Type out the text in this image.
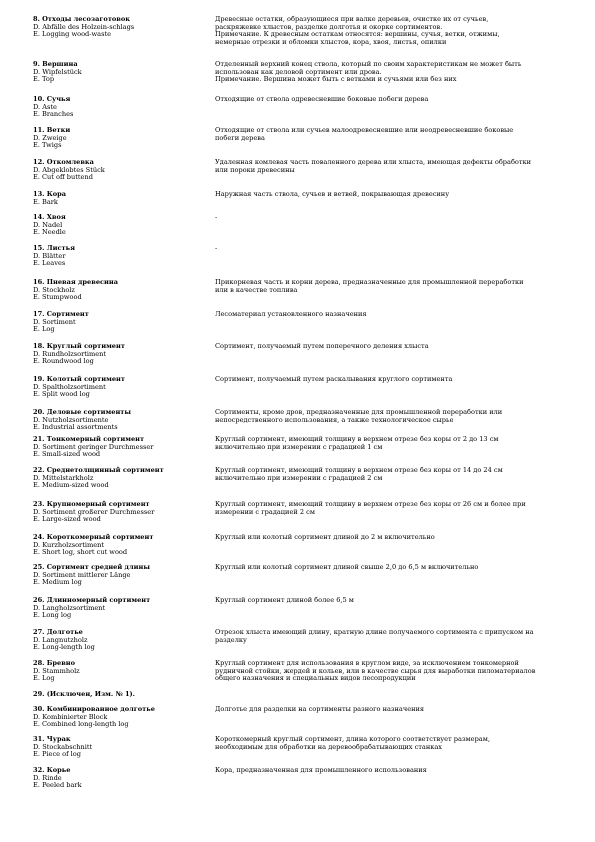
8. Отходы лесозаготовок
D. Abfälle des Holzein-schlags
E. Logging wood-waste
Древесные остатки, образующиеся при валке деревьев, очистке их от сучьев,
раскряжевке хлыстов, разделке долготья и окорке сортиментов.
Примечание. К древесным остаткам относятся: вершины, сучья, ветки, отжимы,
немерные отрезки и обломки хлыстов, кора, хвоя, листья, опилки
9. Вершина
D. Wipfelstück
E. Top
Отделенный верхний конец ствола, который по своим характеристикам не может быть
использован как деловой сортимент или дрова.
Примечание. Вершина может быть с ветками и сучьями или без них
10. Сучья
D. Aste
E. Branches
Отходящие от ствола одревесневшие боковые побеги дерева
11. Ветки
D. Zweige
E. Twigs
Отходящие от ствола или сучьев малоодревесневшие или неодревесневшие боковые
побеги дерева
12. Откомлевка
D. Abgeklobtes Stück
E. Cut off buttend
Удаленная комлевая часть поваленного дерева или хлыста, имеющая дефекты обработки
или пороки древесины
13. Кора
E. Bark
Наружная часть ствола, сучьев и ветвей, покрывающая древесину
14. Хвоя
D. Nadel
E. Needle
-
15. Листья
D. Blätter
E. Leaves
-
16. Пневая древесина
D. Stockholz
E. Stumpwood
Прикорневая часть и корни дерева, предназначенные для промышленной переработки
или в качестве топлива
17. Сортимент
D. Sortiment
E. Log
Лесоматериал установленного назначения
18. Круглый сортимент
D. Rundholzsortiment
E. Roundwood log
Сортимент, получаемый путем поперечного деления хлыста
19. Колотый сортимент
D. Spaltholzsortiment
E. Split wood log
Сортимент, получаемый путем раскалывания круглого сортимента
20. Деловые сортименты
D. Nutzholzsortimente
E. Industrial assortments
Сортименты, кроме дров, предназначенные для промышленной переработки или
непосредственного использования, а также технологическое сырье
21. Тонкомерный сортимент
D. Sortiment geringer Durchmesser
E. Small-sized wood
Круглый сортимент, имеющий толщину в верхнем отрезе без коры от 2 до 13 см
включительно при измерении с градацией 1 см
22. Среднетолщинный сортимент
D. Mittelstarkholz
E. Medium-sized wood
Круглый сортимент, имеющий толщину в верхнем отрезе без коры от 14 до 24 см
включительно при измерении с градацией 2 см
23. Крупномерный сортимент
D. Sortiment großerer Durchmesser
E. Large-sized wood
Круглый сортимент, имеющий толщину в верхнем отрезе без коры от 26 см и более при
измерении с градацией 2 см
24. Короткомерный сортимент
D. Kurzholzsortiment
E. Short log, short cut wood
Круглый или колотый сортимент длиной до 2 м включительно
25. Сортимент средней длины
D. Sortiment mittlerer Länge
E. Medium log
Круглый или колотый сортимент длиной свыше 2,0 до 6,5 м включительно
26. Длинномерный сортимент
D. Langholzsortiment
E. Long log
Круглый сортимент длиной более 6,5 м
27. Долготье
D. Langnutzholz
E. Long-length log
Отрезок хлыста имеющий длину, кратную длине получаемого сортимента с припуском на
разделку
28. Бревно
D. Stammholz
E. Log
Круглый сортимент для использования в круглом виде, за исключением тонкомерной
рудничной стойки, жердей и кольев, или в качестве сырья для выработки пиломатериалов
общего назначения и специальных видов лесопродукции
29. (Исключен, Изм. № 1).
30. Комбинированное долготье
D. Kombinierter Block
E. Combined long-length log
Долготье для разделки на сортименты разного назначения
31. Чурак
D. Stockabschnitt
E. Piece of log
Короткомерный круглый сортимент, длина которого соответствует размерам,
необходимым для обработки на деревообрабатывающих станках
32. Корье
D. Rinde
E. Peeled bark
Кора, предназначенная для промышленного использования
